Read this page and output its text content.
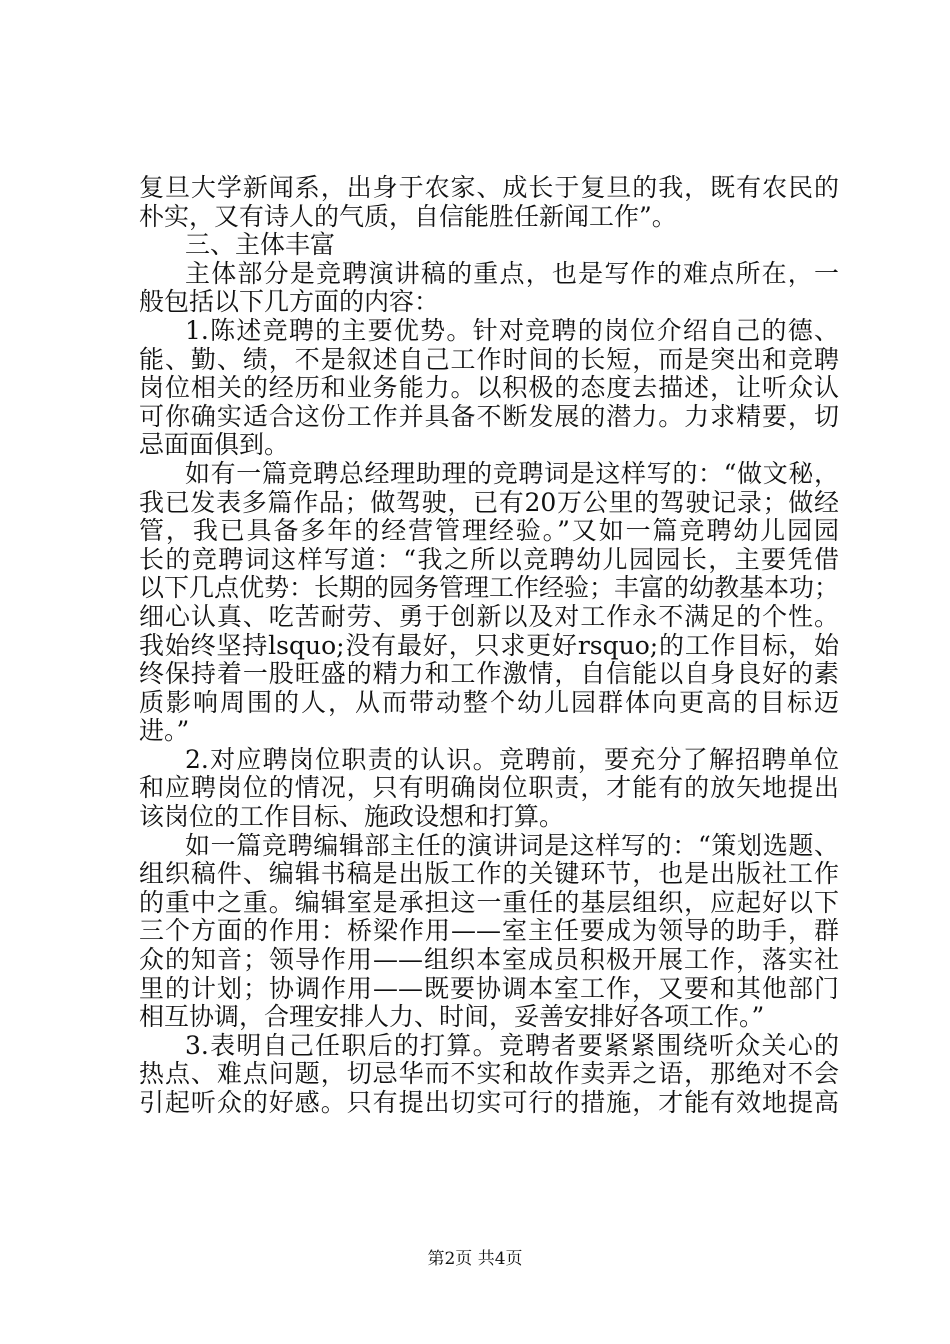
复旦大学新闻系，出身于农家、成长于复旦的我，既有农民的
朴实，又有诗人的气质，自信能胜任新闻工作”。
三、主体丰富
主体部分是竞聘演讲稿的重点，也是写作的难点所在，一
般包括以下几方面的内容：
1.陈述竞聘的主要优势。针对竞聘的岗位介绍自己的德、
能、勤、绩，不是叙述自己工作时间的长短，而是突出和竞聘
岗位相关的经历和业务能力。以积极的态度去描述，让听众认
可你确实适合这份工作并具备不断发展的潜力。力求精要，切
忌面面俱到。
如有一篇竞聘总经理助理的竞聘词是这样写的：“做文秘，
我已发表多篇作品；做驾驶，已有20万公里的驾驶记录；做经
管，我已具备多年的经营管理经验。”又如一篇竞聘幼儿园园
长的竞聘词这样写道：“我之所以竞聘幼儿园园长，主要凭借
以下几点优势：长期的园务管理工作经验；丰富的幼教基本功；
细心认真、吃苦耐劳、勇于创新以及对工作永不满足的个性。
我始终坚持lsquo;没有最好，只求更好rsquo;的工作目标，始
终保持着一股旺盛的精力和工作激情，自信能以自身良好的素
质影响周围的人，从而带动整个幼儿园群体向更高的目标迈
进。”
2.对应聘岗位职责的认识。竞聘前，要充分了解招聘单位
和应聘岗位的情况，只有明确岗位职责，才能有的放矢地提出
该岗位的工作目标、施政设想和打算。
如一篇竞聘编辑部主任的演讲词是这样写的：“策划选题、
组织稿件、编辑书稿是出版工作的关键环节，也是出版社工作
的重中之重。编辑室是承担这一重任的基层组织，应起好以下
三个方面的作用：桥梁作用——室主任要成为领导的助手，群
众的知音；领导作用——组织本室成员积极开展工作，落实社
里的计划；协调作用——既要协调本室工作，又要和其他部门
相互协调，合理安排人力、时间，妥善安排好各项工作。”
3.表明自己任职后的打算。竞聘者要紧紧围绕听众关心的
热点、难点问题，切忌华而不实和故作卖弄之语，那绝对不会
引起听众的好感。只有提出切实可行的措施，才能有效地提高
第2页 共4页
